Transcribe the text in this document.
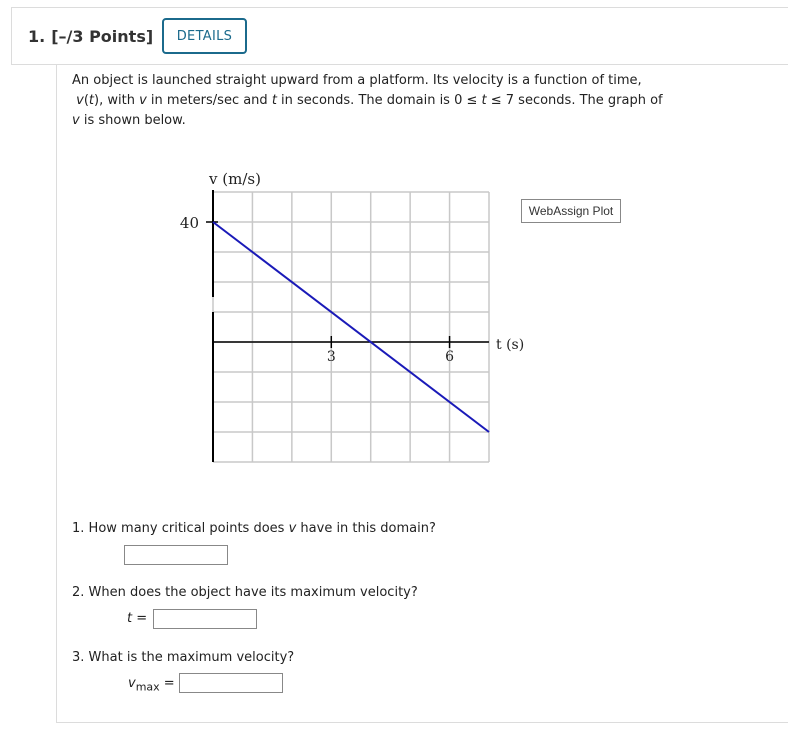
1. [–/3 Points]	DETAILS
An object is launched straight upward from a platform. Its velocity is a function of time,
v(t), with v in meters/sec and t in seconds. The domain is 0 ≤ t ≤ 7 seconds. The graph of
v is shown below.
v (m/s)
t (s)
40
3	6
WebAssign Plot
1. How many critical points does v have in this domain?
2. When does the object have its maximum velocity?
t =
3. What is the maximum velocity?
$v_{max}$ =
